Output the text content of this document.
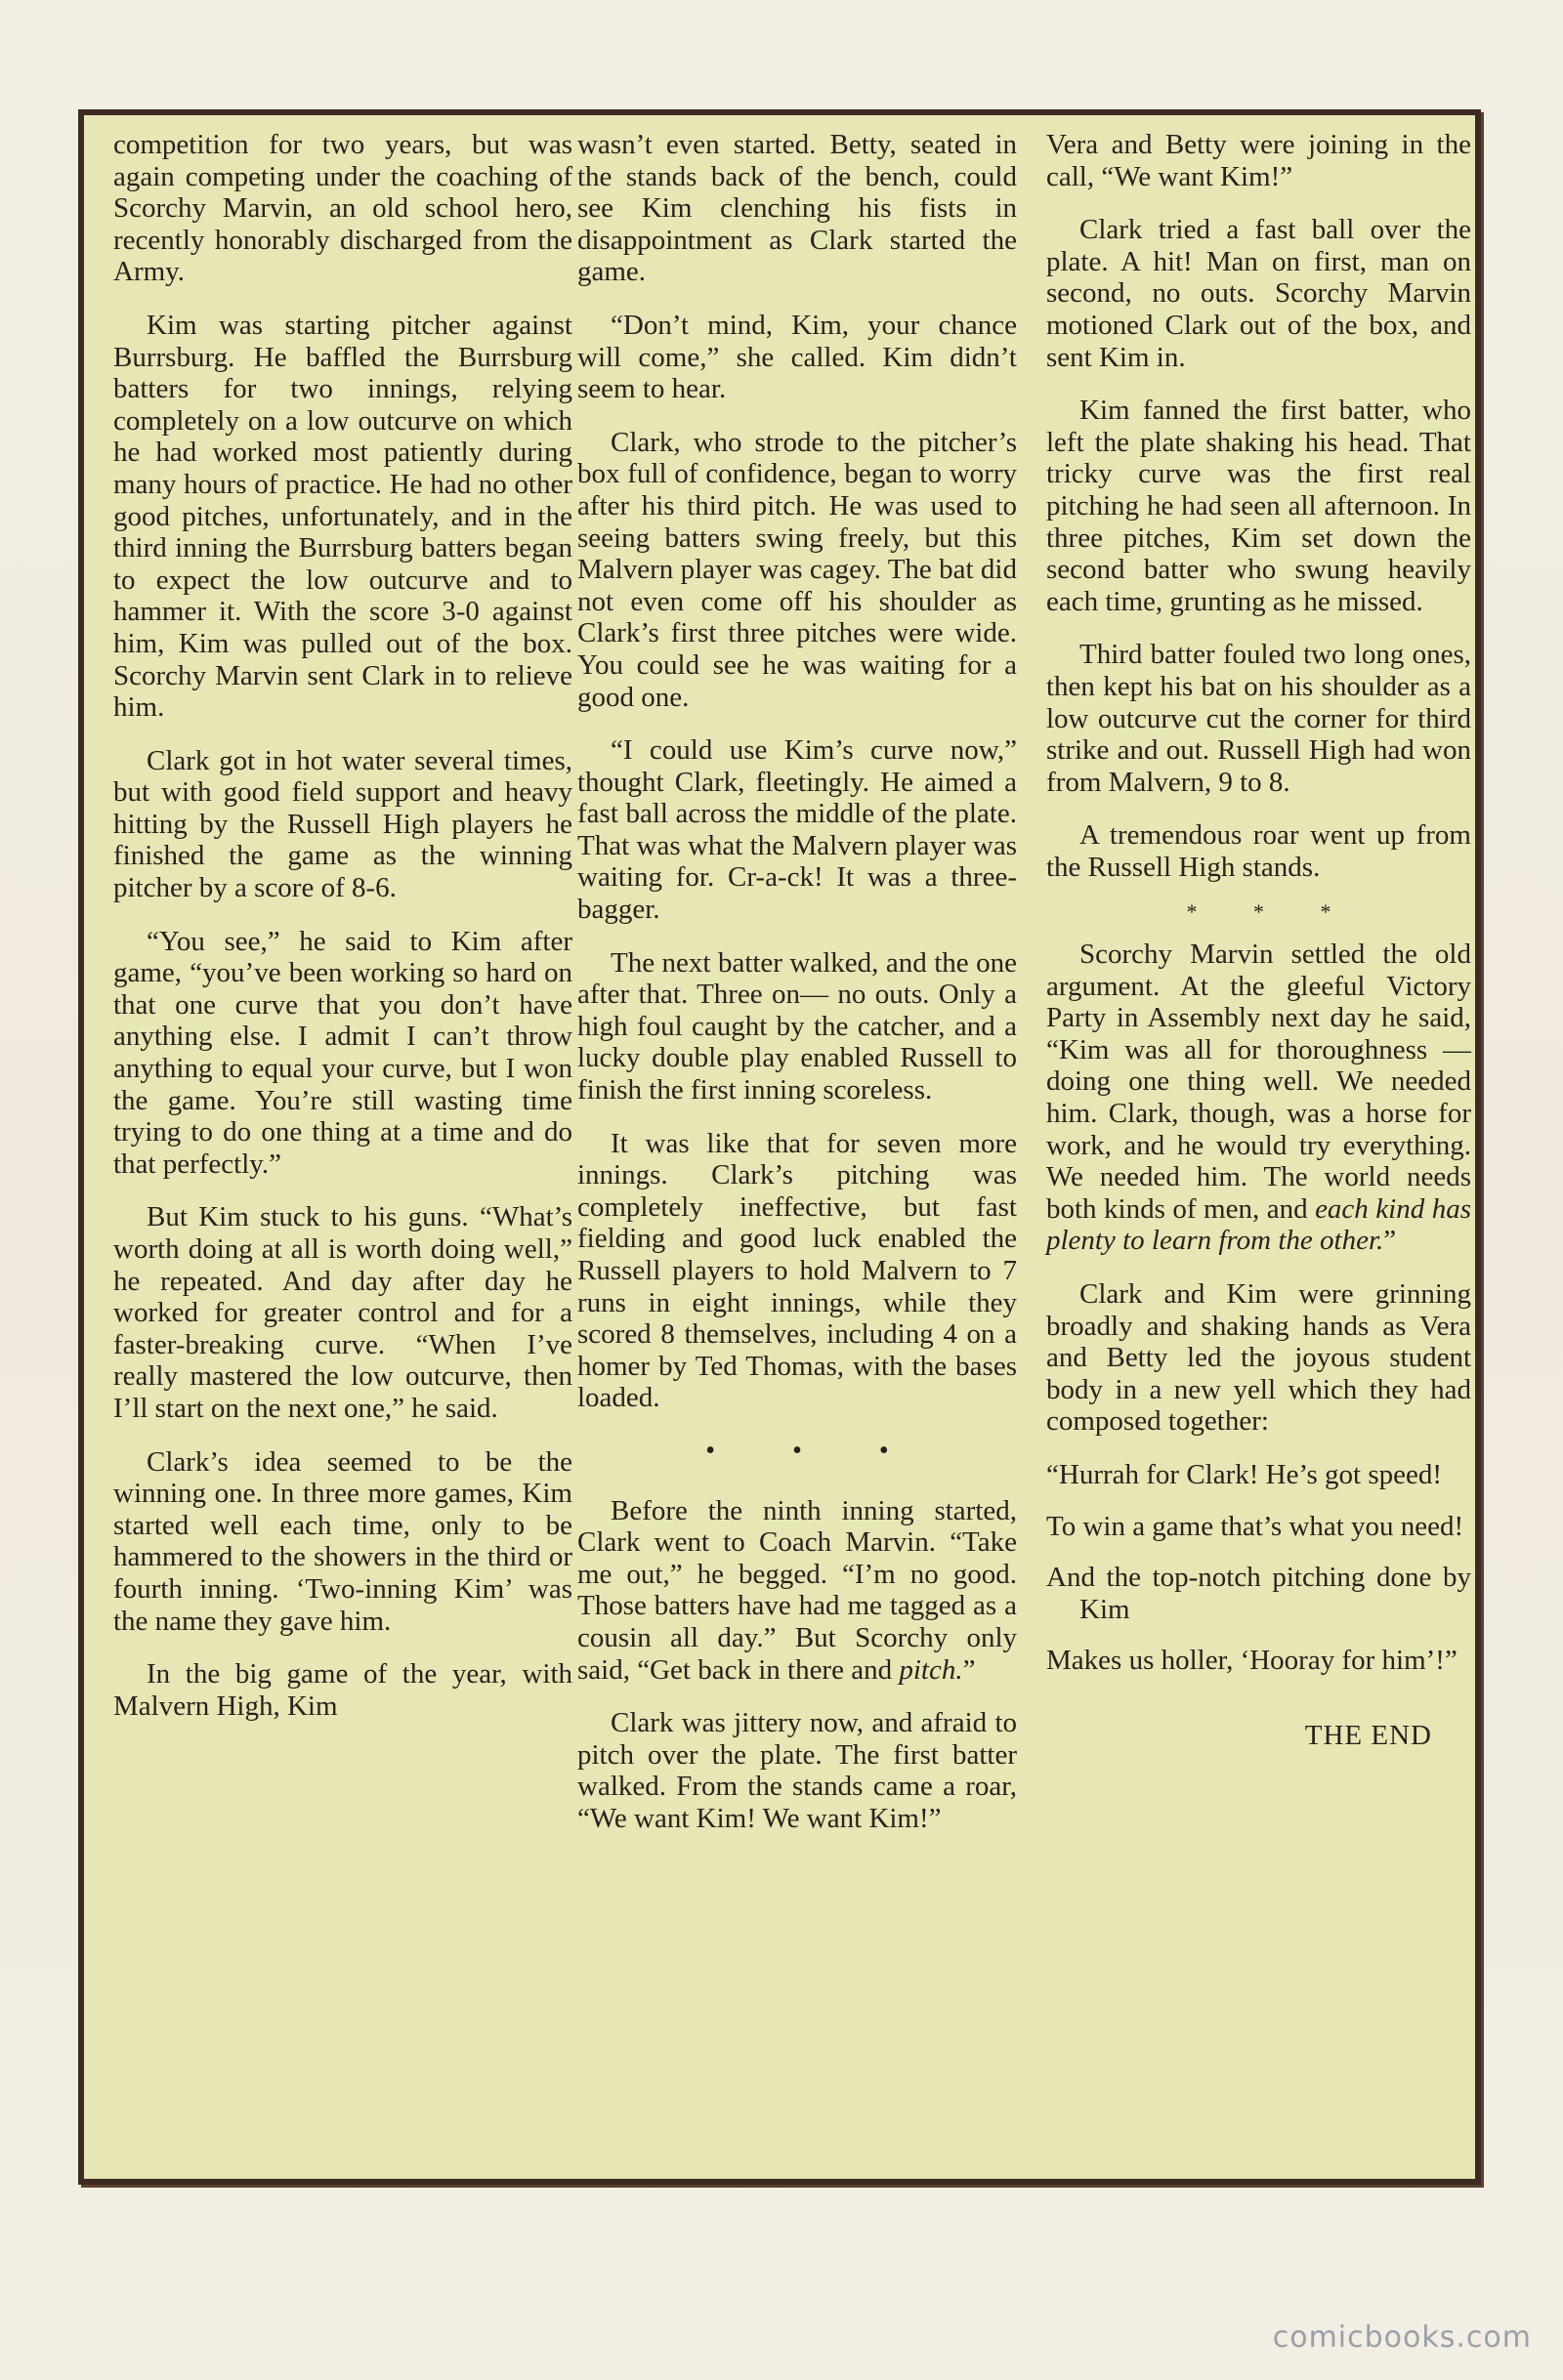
competition for two years, but was again competing under the coaching of Scorchy Marvin, an old school hero, recently honorably discharged from the Army.

Kim was starting pitcher against Burrsburg. He baffled the Burrsburg batters for two innings, relying completely on a low outcurve on which he had worked most patiently during many hours of practice. He had no other good pitches, unfortunately, and in the third inning the Burrsburg batters began to expect the low outcurve and to hammer it. With the score 3-0 against him, Kim was pulled out of the box. Scorchy Marvin sent Clark in to relieve him.

Clark got in hot water several times, but with good field support and heavy hitting by the Russell High players he finished the game as the winning pitcher by a score of 8-6.

“You see,” he said to Kim after game, “you’ve been working so hard on that one curve that you don’t have anything else. I admit I can’t throw anything to equal your curve, but I won the game. You’re still wasting time trying to do one thing at a time and do that perfectly.”

But Kim stuck to his guns. “What’s worth doing at all is worth doing well,” he repeated. And day after day he worked for greater control and for a faster-breaking curve. “When I’ve really mastered the low outcurve, then I’ll start on the next one,” he said.

Clark’s idea seemed to be the winning one. In three more games, Kim started well each time, only to be hammered to the showers in the third or fourth inning. ‘Two-inning Kim’ was the name they gave him.

In the big game of the year, with Malvern High, Kim

wasn’t even started. Betty, seated in the stands back of the bench, could see Kim clenching his fists in disappointment as Clark started the game.

“Don’t mind, Kim, your chance will come,” she called. Kim didn’t seem to hear.

Clark, who strode to the pitcher’s box full of confidence, began to worry after his third pitch. He was used to seeing batters swing freely, but this Malvern player was cagey. The bat did not even come off his shoulder as Clark’s first three pitches were wide. You could see he was waiting for a good one.

“I could use Kim’s curve now,” thought Clark, fleetingly. He aimed a fast ball across the middle of the plate. That was what the Malvern player was waiting for. Cr-a-ck! It was a three-bagger.

The next batter walked, and the one after that. Three on— no outs. Only a high foul caught by the catcher, and a lucky double play enabled Russell to finish the first inning scoreless.

It was like that for seven more innings. Clark’s pitching was completely ineffective, but fast fielding and good luck enabled the Russell players to hold Malvern to 7 runs in eight innings, while they scored 8 themselves, including 4 on a homer by Ted Thomas, with the bases loaded.

• • •

Before the ninth inning started, Clark went to Coach Marvin. “Take me out,” he begged. “I’m no good. Those batters have had me tagged as a cousin all day.” But Scorchy only said, “Get back in there and pitch.”

Clark was jittery now, and afraid to pitch over the plate. The first batter walked. From the stands came a roar, “We want Kim! We want Kim!”

Vera and Betty were joining in the call, “We want Kim!”

Clark tried a fast ball over the plate. A hit! Man on first, man on second, no outs. Scorchy Marvin motioned Clark out of the box, and sent Kim in.

Kim fanned the first batter, who left the plate shaking his head. That tricky curve was the first real pitching he had seen all afternoon. In three pitches, Kim set down the second batter who swung heavily each time, grunting as he missed.

Third batter fouled two long ones, then kept his bat on his shoulder as a low outcurve cut the corner for third strike and out. Russell High had won from Malvern, 9 to 8.

A tremendous roar went up from the Russell High stands.

* * *

Scorchy Marvin settled the old argument. At the gleeful Victory Party in Assembly next day he said, “Kim was all for thoroughness — doing one thing well. We needed him. Clark, though, was a horse for work, and he would try everything. We needed him. The world needs both kinds of men, and each kind has plenty to learn from the other.”

Clark and Kim were grinning broadly and shaking hands as Vera and Betty led the joyous student body in a new yell which they had composed together:

“Hurrah for Clark! He’s got speed!
To win a game that’s what you need!
And the top-notch pitching done by Kim
Makes us holler, ‘Hooray for him’!”
THE END
comicbooks.com
